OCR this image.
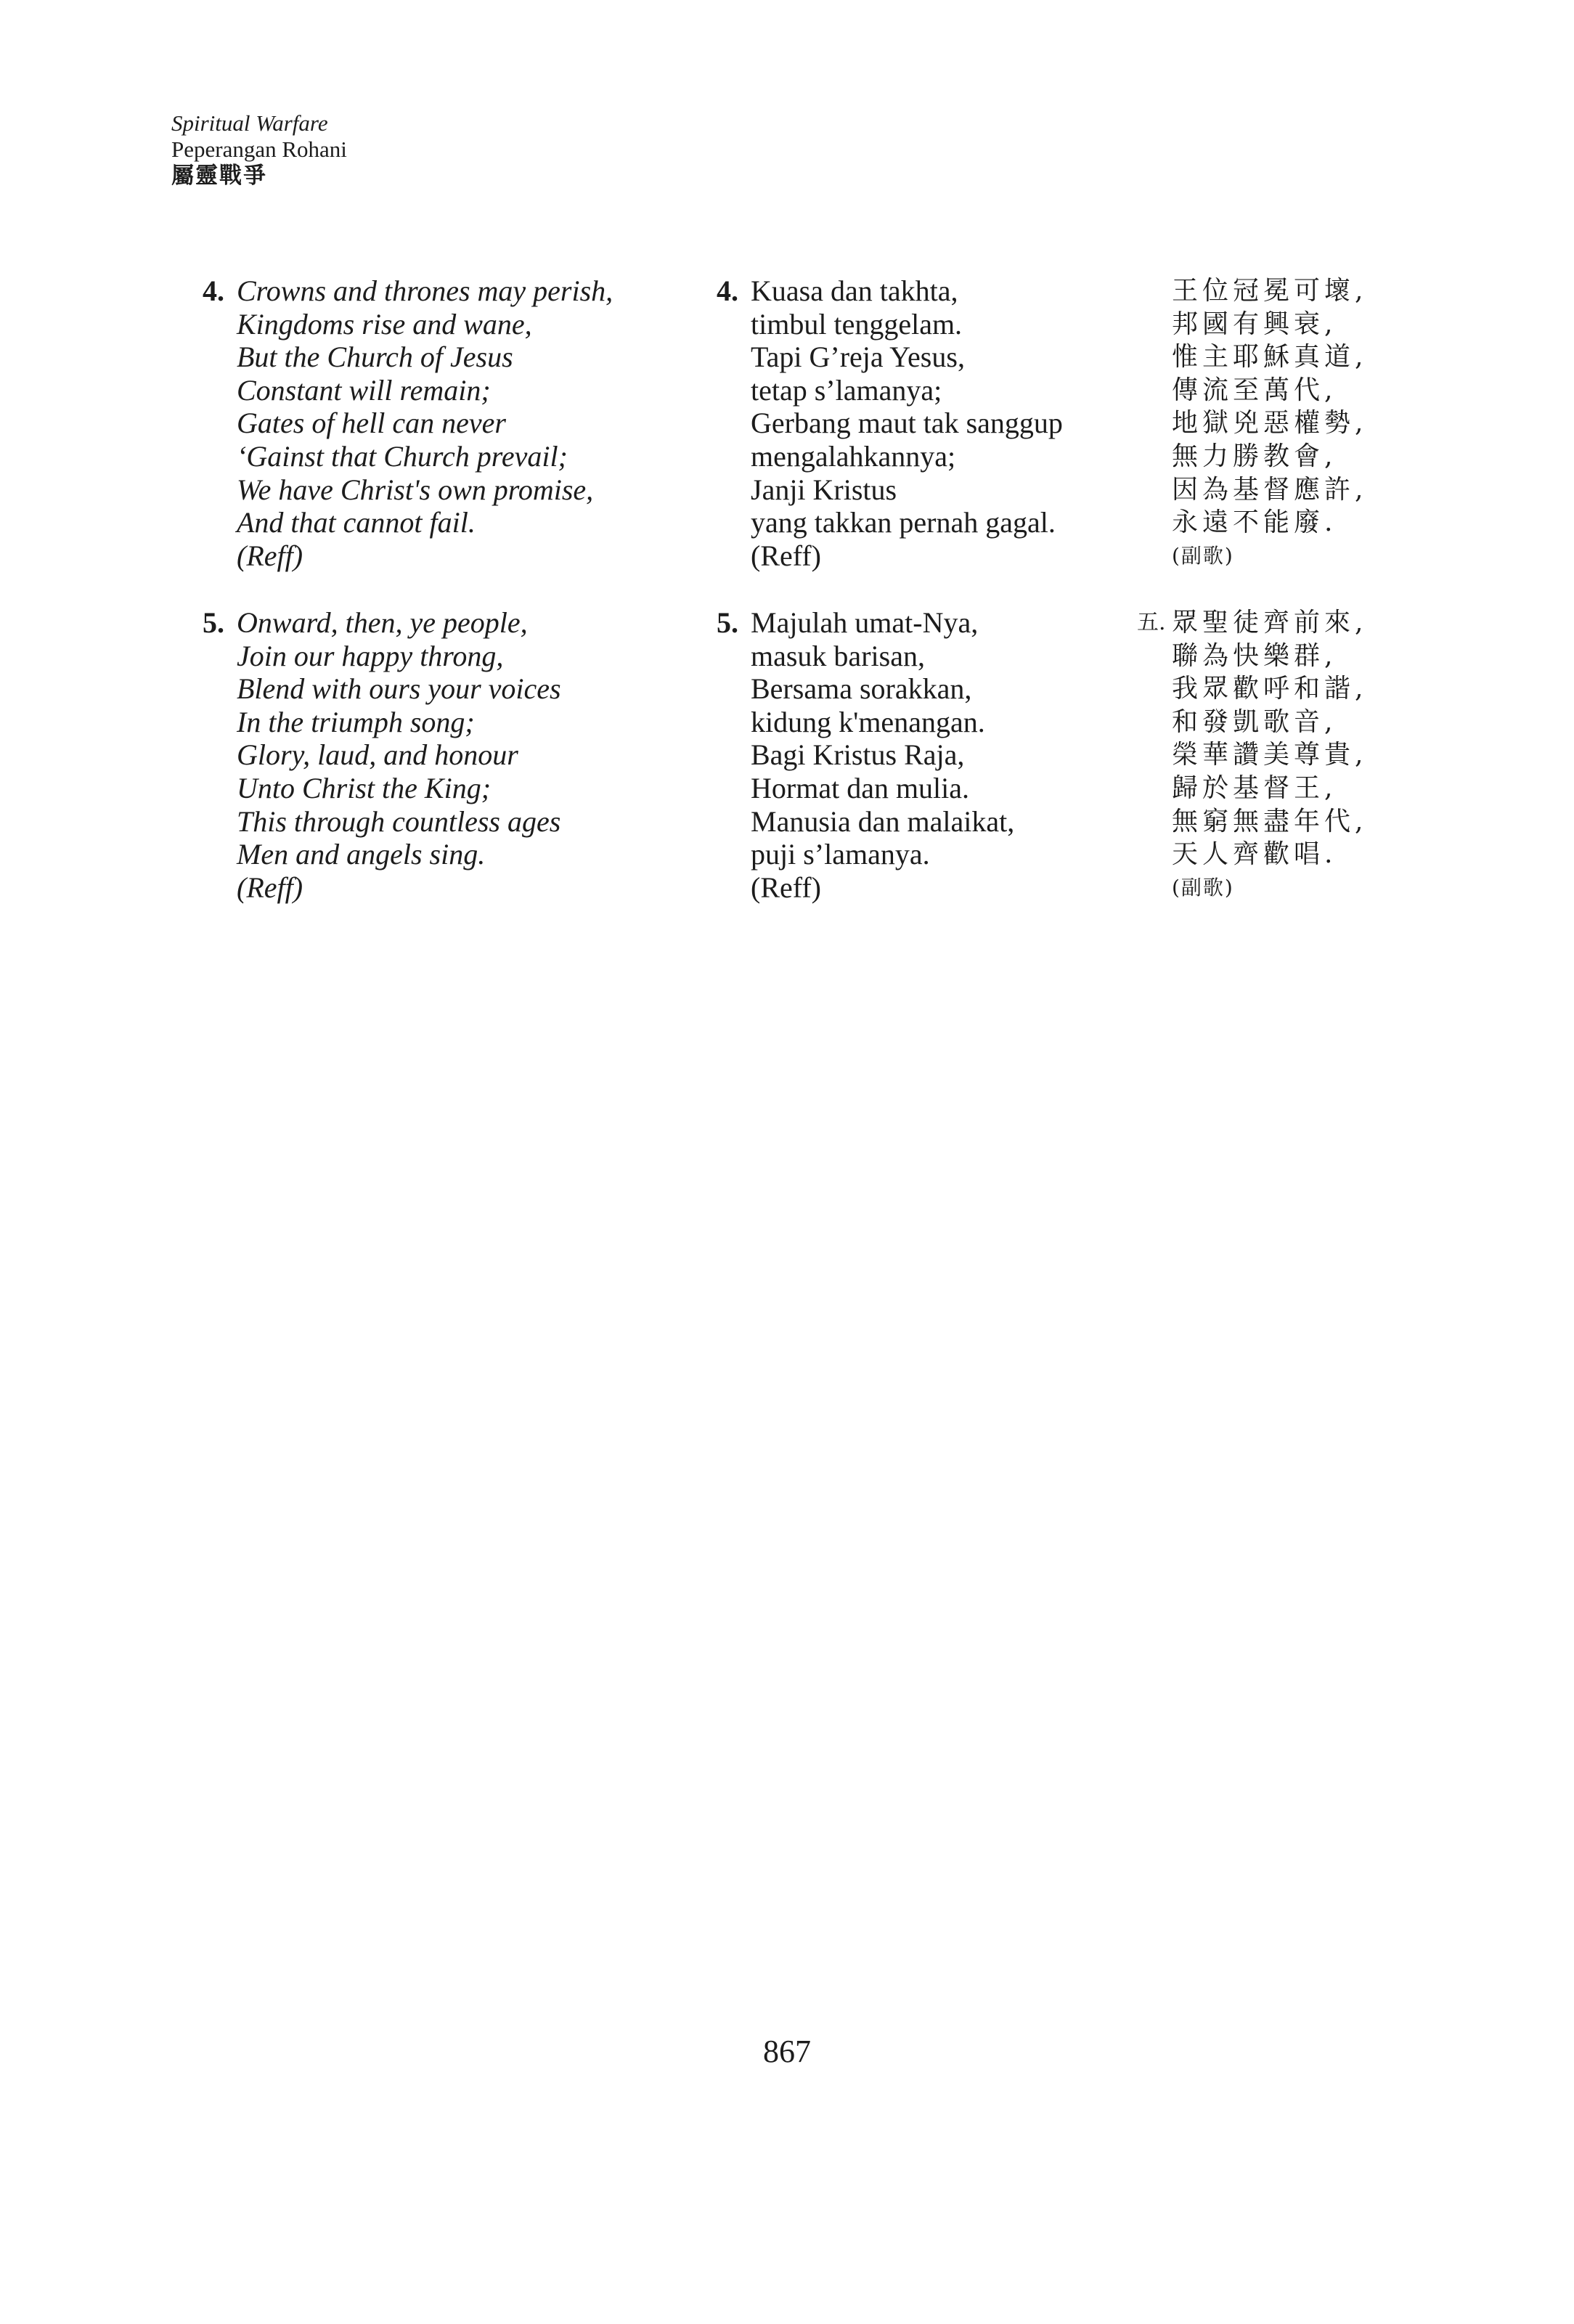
Spiritual Warfare
Peperangan Rohani
屬靈戰爭
4. Crowns and thrones may perish,
Kingdoms rise and wane,
But the Church of Jesus
Constant will remain;
Gates of hell can never
‘Gainst that Church prevail;
We have Christ's own promise,
And that cannot fail.
(Reff)
4. Kuasa dan takhta,
timbul tenggelam.
Tapi G’reja Yesus,
tetap s’lamanya;
Gerbang maut tak sanggup
mengalahkannya;
Janji Kristus
yang takkan pernah gagal.
(Reff)
王位冠冕可壞,
邦國有興衰,
惟主耶穌真道,
傳流至萬代,
地獄兇惡權勢,
無力勝教會,
因為基督應許,
永遠不能廢.
(副歌)
5. Onward, then, ye people,
Join our happy throng,
Blend with ours your voices
In the triumph song;
Glory, laud, and honour
Unto Christ the King;
This through countless ages
Men and angels sing.
(Reff)
5. Majulah umat-Nya,
masuk barisan,
Bersama sorakkan,
kidung k'menangan.
Bagi Kristus Raja,
Hormat dan mulia.
Manusia dan malaikat,
puji s’lamanya.
(Reff)
五. 眾聖徒齊前來,
聯為快樂群,
我眾歡呼和諧,
和發凱歌音,
榮華讚美尊貴,
歸於基督王,
無窮無盡年代,
天人齊歡唱.
(副歌)
867
